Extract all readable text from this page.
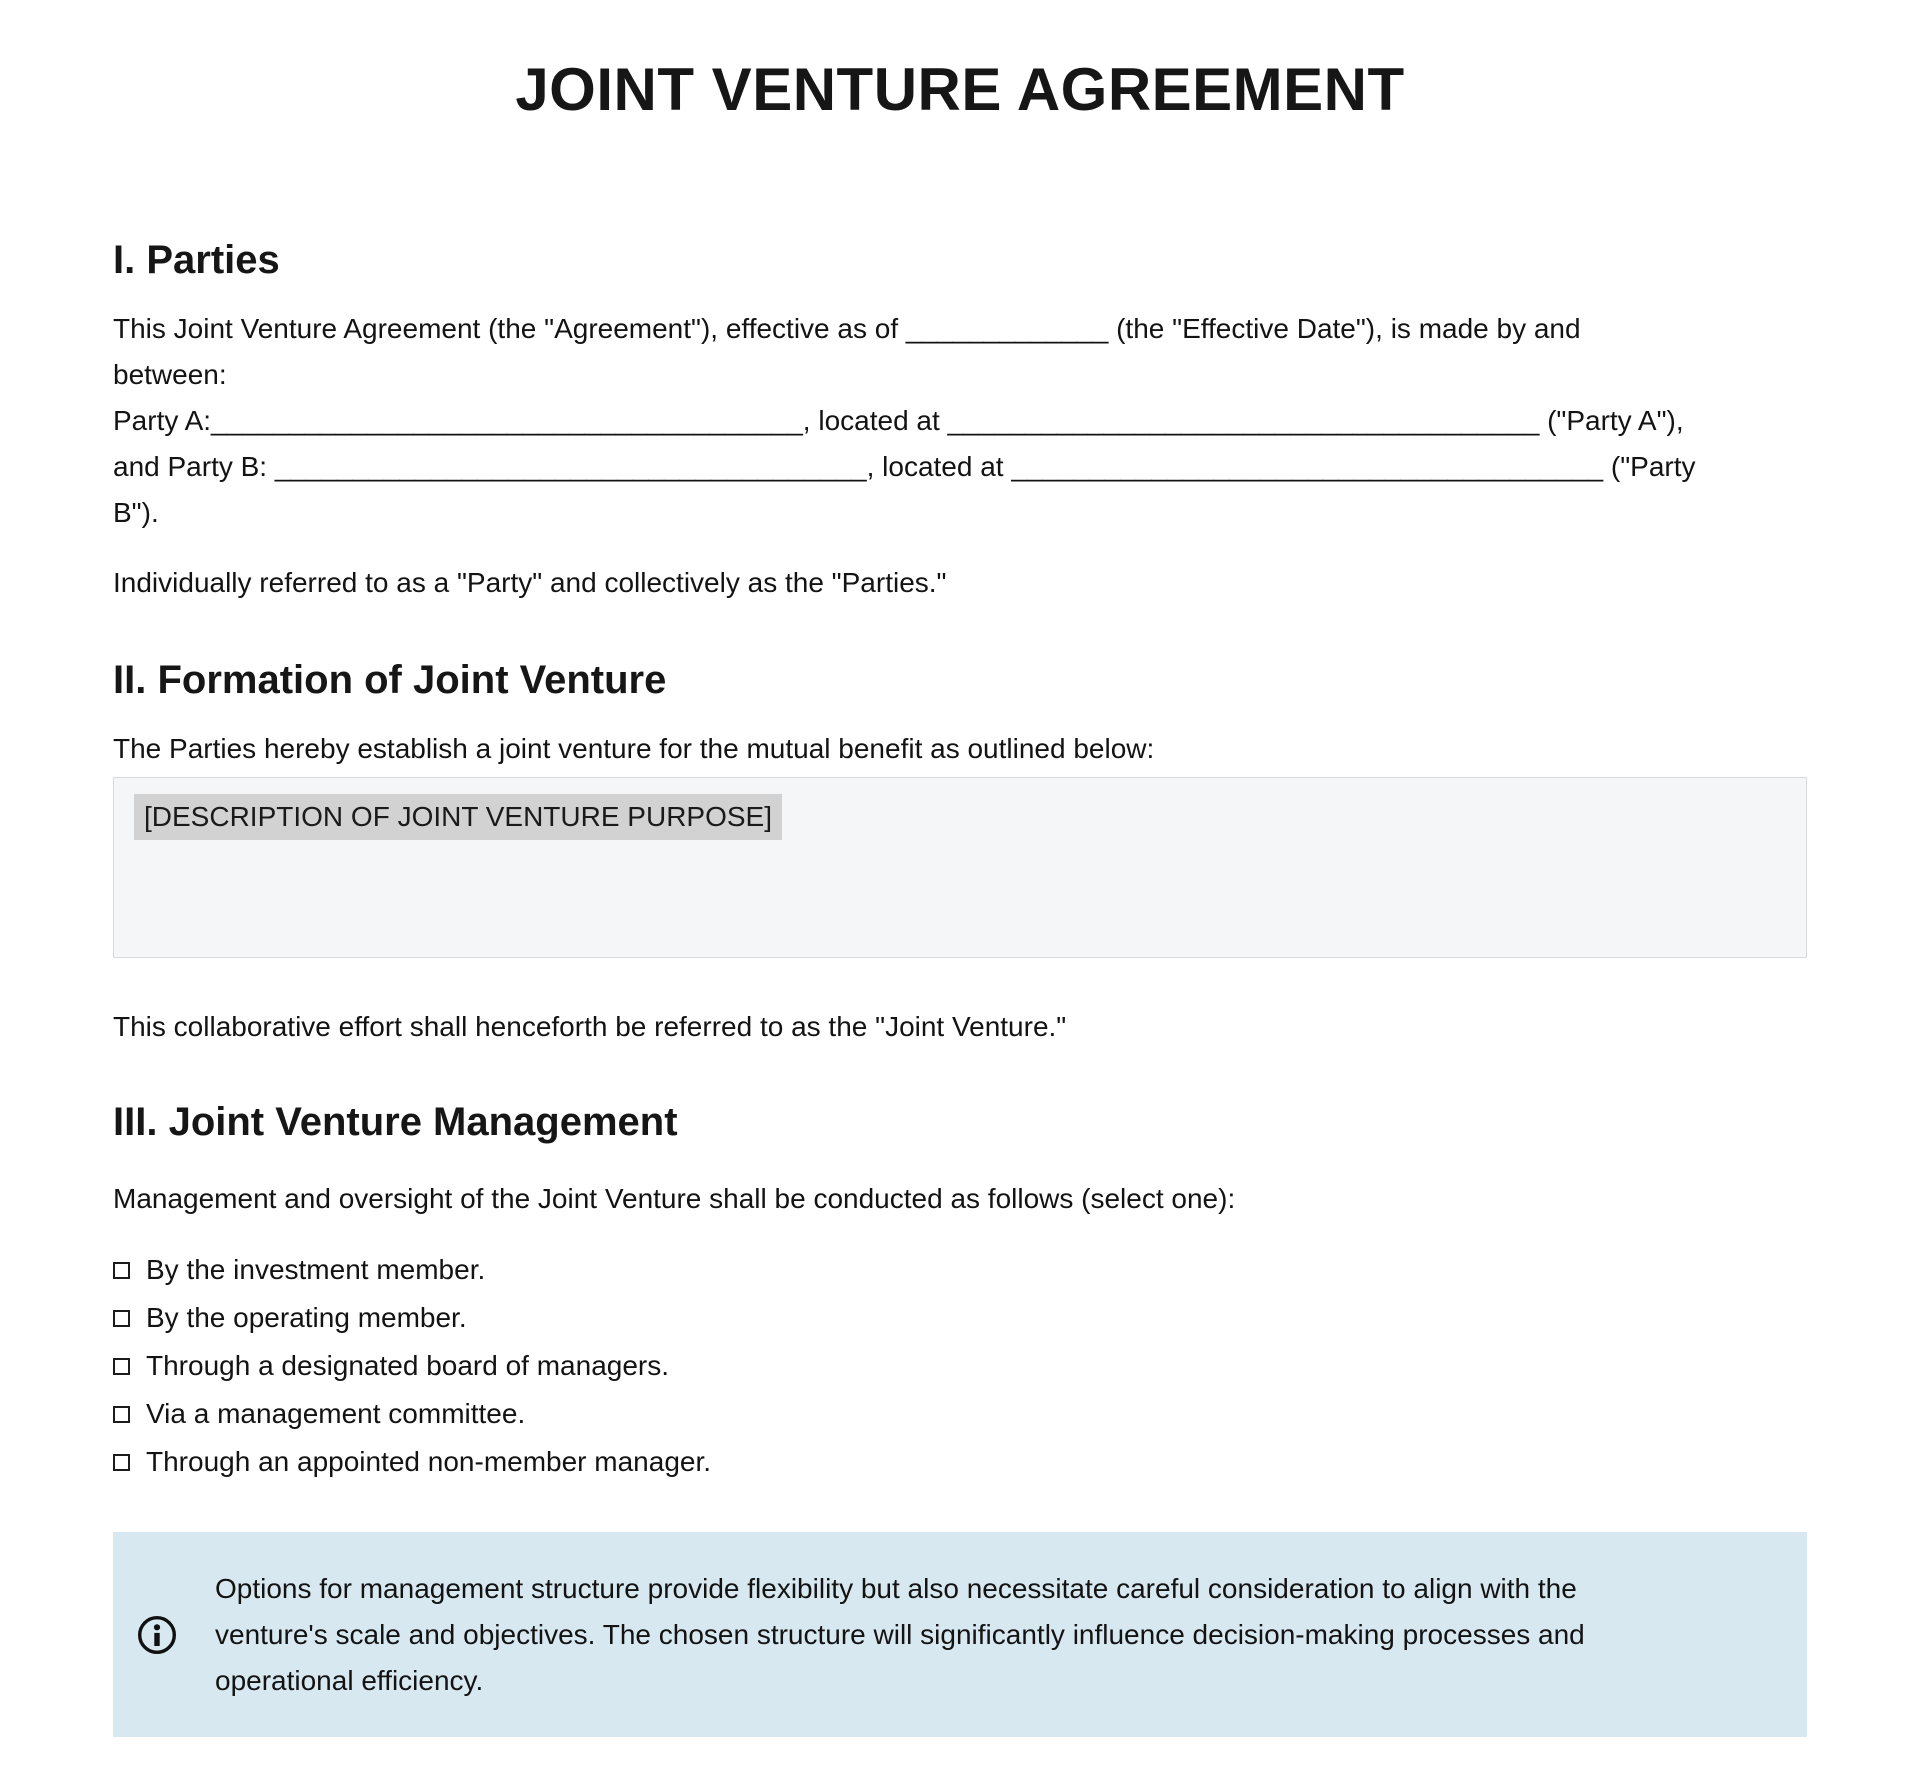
JOINT VENTURE AGREEMENT
I. Parties
This Joint Venture Agreement (the "Agreement"), effective as of _____________ (the "Effective Date"), is made by and
between:
Party A:______________________________________, located at ______________________________________ ("Party A"),
and Party B: ______________________________________, located at ______________________________________ ("Party
B").

Individually referred to as a "Party" and collectively as the "Parties."

II. Formation of Joint Venture

The Parties hereby establish a joint venture for the mutual benefit as outlined below:

[DESCRIPTION OF JOINT VENTURE PURPOSE]

This collaborative effort shall henceforth be referred to as the "Joint Venture."

III. Joint Venture Management

Management and oversight of the Joint Venture shall be conducted as follows (select one):

By the investment member.
By the operating member.
Through a designated board of managers.
Via a management committee.
Through an appointed non-member manager.
Options for management structure provide flexibility but also necessitate careful consideration to align with the
venture's scale and objectives. The chosen structure will significantly influence decision-making processes and
operational efficiency.
